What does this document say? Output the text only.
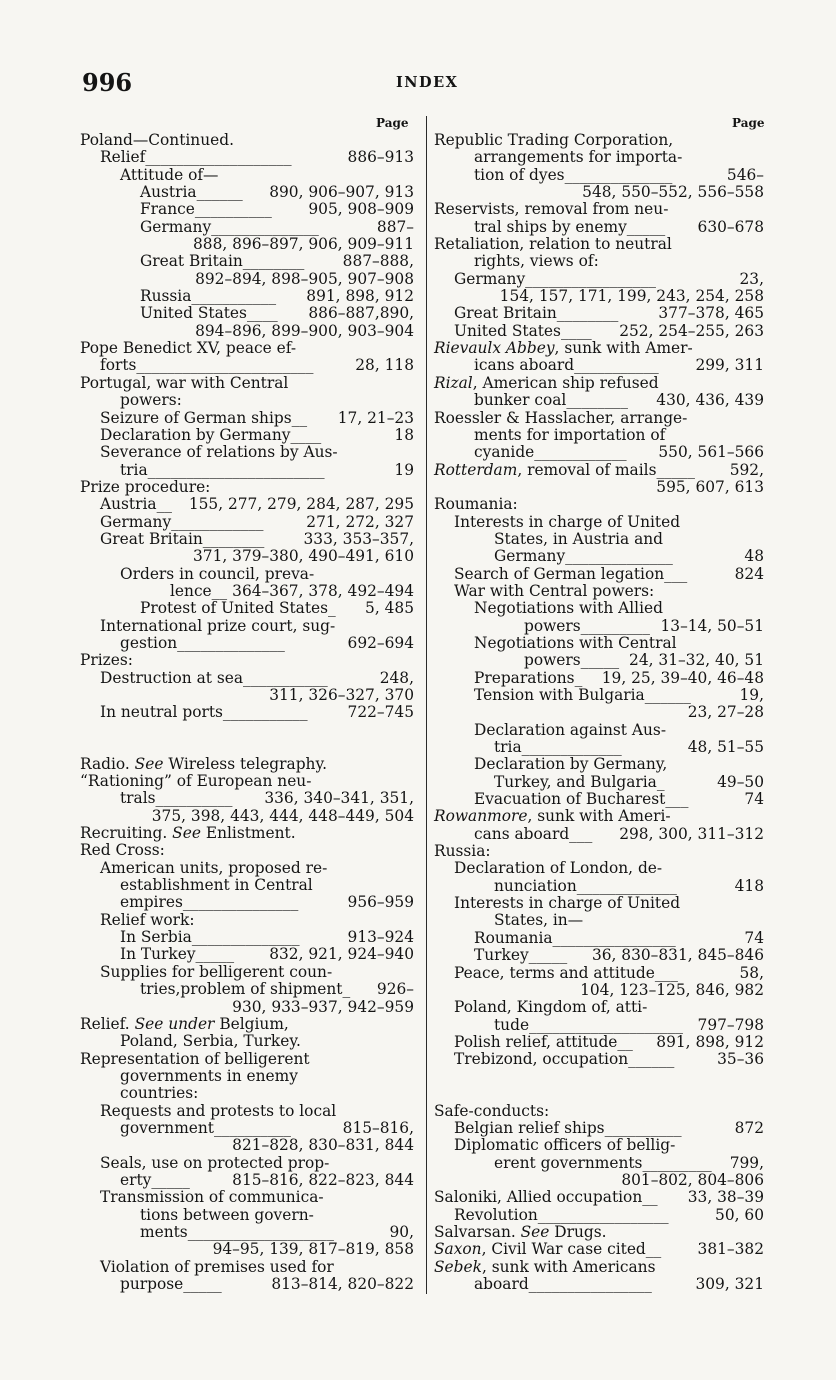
996	INDEX
Page	Page
Poland—Continued.
Relief___________________	886–913
Attitude of—
Austria______ 890, 906–907, 913
France__________ 905, 908–909
Germany______________	887–
888, 896–897, 906, 909–911
Great Britain________ 887–888,
892–894, 898–905, 907–908
Russia___________ 891, 898, 912
United States____ 886–887,890,
894–896, 899–900, 903–904
Pope Benedict XV, peace ef-
forts_______________________	28, 118
Portugal, war with Central
powers:
Seizure of German ships__ 17, 21–23
Declaration by Germany____	18
Severance of relations by Aus-
tria_______________________	19
Prize procedure:
Austria__ 155, 277, 279, 284, 287, 295
Germany____________	271, 272, 327
Great Britain________	333, 353–357,
371, 379–380, 490–491, 610
Orders in council, preva-
lence__ 364–367, 378, 492–494
Protest of United States_ 5, 485
International prize court, sug-
gestion______________	692–694
Prizes:
Destruction at sea___________	248,
311, 326–327, 370
In neutral ports___________	722–745
Radio. See Wireless telegraphy.
“Rationing” of European neu-
trals__________ 336, 340–341, 351,
375, 398, 443, 444, 448–449, 504
Recruiting. See Enlistment.
Red Cross:
American units, proposed re-
establishment in Central
empires_______________	956–959
Relief work:
In Serbia______________	913–924
In Turkey_____ 832, 921, 924–940
Supplies for belligerent coun-
tries,problem of shipment_ 926–
930, 933–937, 942–959
Relief. See under Belgium,
Poland, Serbia, Turkey.
Representation of belligerent
governments in enemy
countries:
Requests and protests to local
government__________	815–816,
821–828, 830–831, 844
Seals, use on protected prop-
erty_____	815–816, 822–823, 844
Transmission of communica-
tions between govern-
ments___________________	90,
94–95, 139, 817–819, 858
Violation of premises used for
purpose_____	813–814, 820–822
Republic Trading Corporation,
arrangements for importa-
tion of dyes______________	546–
548, 550–552, 556–558
Reservists, removal from neu-
tral ships by enemy_____ 630–678
Retaliation, relation to neutral
rights, views of:
Germany_________________	23,
154, 157, 171, 199, 243, 254, 258
Great Britain________	377–378, 465
United States____ 252, 254–255, 263
Rievaulx Abbey, sunk with Amer-
icans aboard___________ 299, 311
Rizal, American ship refused
bunker coal________ 430, 436, 439
Roessler & Hasslacher, arrange-
ments for importation of
cyanide____________ 550, 561–566
Rotterdam, removal of mails_____ 592,
595, 607, 613
Roumania:
Interests in charge of United
States, in Austria and
Germany______________	48
Search of German legation___	824
War with Central powers:
Negotiations with Allied
powers_________ 13–14, 50–51
Negotiations with Central
powers_____ 24, 31–32, 40, 51
Preparations_ 19, 25, 39–40, 46–48
Tension with Bulgaria______	19,
23, 27–28
Declaration against Aus-
tria_____________	48, 51–55
Declaration by Germany,
Turkey, and Bulgaria_	49–50
Evacuation of Bucharest___	74
Rowanmore, sunk with Ameri-
cans aboard___ 298, 300, 311–312
Russia:
Declaration of London, de-
nunciation_____________	418
Interests in charge of United
States, in—
Roumania________________	74
Turkey_____ 36, 830–831, 845–846
Peace, terms and attitude___	58,
104, 123–125, 846, 982
Poland, Kingdom of, atti-
tude____________________ 797–798
Polish relief, attitude__ 891, 898, 912
Trebizond, occupation______	35–36
Safe-conducts:
Belgian relief ships__________	872
Diplomatic officers of bellig-
erent governments_________ 799,
801–802, 804–806
Saloniki, Allied occupation__ 33, 38–39
Revolution_________________	50, 60
Salvarsan. See Drugs.
Saxon, Civil War case cited__ 381–382
Sebek, sunk with Americans
aboard________________	309, 321
